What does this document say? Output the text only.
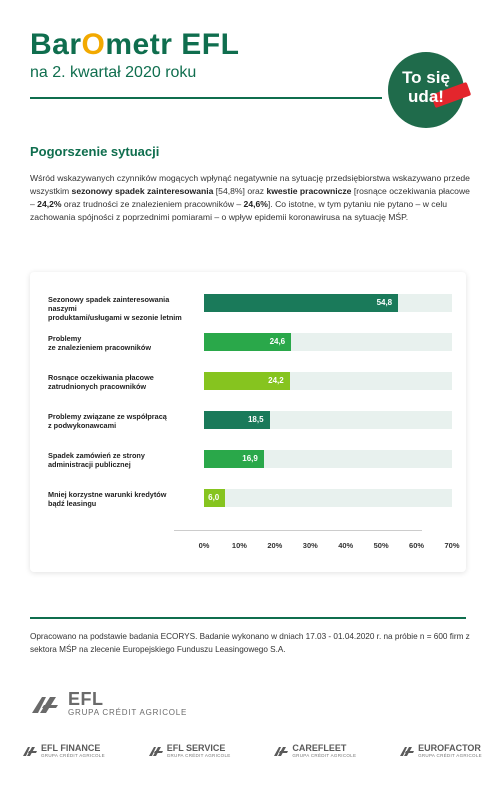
BarOmetr EFL
na 2. kwartał 2020 roku	To się
uda!
Pogorszenie sytuacji
Wśród wskazywanych czynników mogących wpłynąć negatywnie na sytuację przedsiębiorstwa wskazywano przede wszystkim sezonowy spadek zainteresowania [54,8%] oraz kwestie pracownicze [rosnące oczekiwania płacowe – 24,2% oraz trudności ze znalezieniem pracowników – 24,6%]. Co istotne, w tym pytaniu nie pytano – w celu zachowania spójności z poprzednimi pomiarami – o wpływ epidemii koronawirusa na sytuację MŚP.
Sezonowy spadek zainteresowania naszymi
produktami/usługami w sezonie letnim
54,8
Problemy
ze znalezieniem pracowników
24,6
Rosnące oczekiwania płacowe
zatrudnionych pracowników
24,2
Problemy związane ze współpracą
z podwykonawcami
18,5
Spadek zamówień ze strony
administracji publicznej
16,9
Mniej korzystne warunki kredytów
bądź leasingu
6,0
0%	10%	20%	30%	40%	50%	60%	70%
Opracowano na podstawie badania ECORYS. Badanie wykonano w dniach 17.03 - 01.04.2020 r. na próbie n = 600 firm z sektora MŚP na zlecenie Europejskiego Funduszu Leasingowego S.A.
EFL
GRUPA CRÉDIT AGRICOLE
EFL FINANCE
GRUPA CRÉDIT AGRICOLE
EFL SERVICE
GRUPA CRÉDIT AGRICOLE
CAREFLEET
GRUPA CRÉDIT AGRICOLE
EUROFACTOR
GRUPA CRÉDIT AGRICOLE
